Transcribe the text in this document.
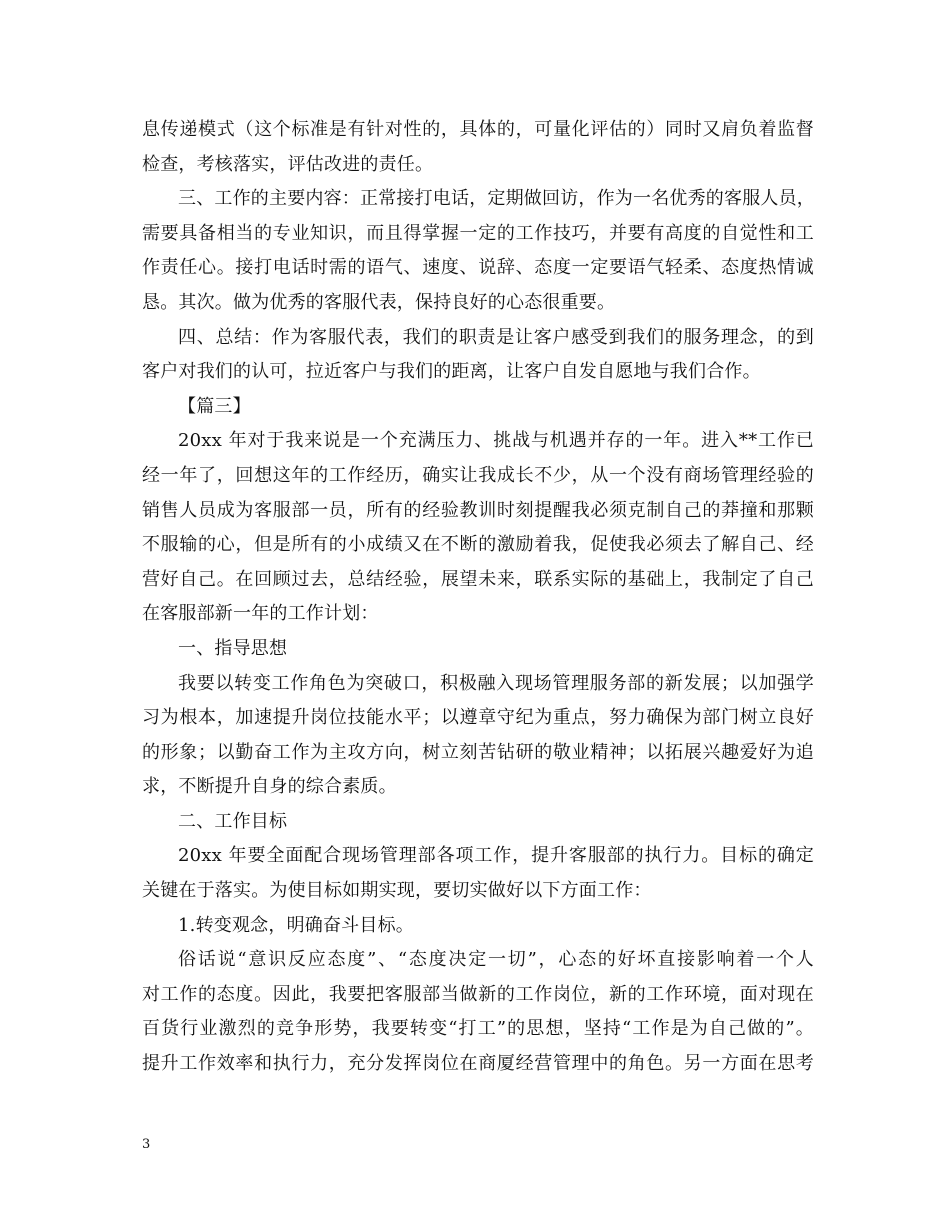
息传递模式（这个标准是有针对性的，具体的，可量化评估的）同时又肩负着监督
检查，考核落实，评估改进的责任。
三、工作的主要内容：正常接打电话，定期做回访，作为一名优秀的客服人员，
需要具备相当的专业知识，而且得掌握一定的工作技巧，并要有高度的自觉性和工
作责任心。接打电话时需的语气、速度、说辞、态度一定要语气轻柔、态度热情诚
恳。其次。做为优秀的客服代表，保持良好的心态很重要。
四、总结：作为客服代表，我们的职责是让客户感受到我们的服务理念，的到
客户对我们的认可，拉近客户与我们的距离，让客户自发自愿地与我们合作。
【篇三】
20xx 年对于我来说是一个充满压力、挑战与机遇并存的一年。进入**工作已
经一年了，回想这年的工作经历，确实让我成长不少，从一个没有商场管理经验的
销售人员成为客服部一员，所有的经验教训时刻提醒我必须克制自己的莽撞和那颗
不服输的心，但是所有的小成绩又在不断的激励着我，促使我必须去了解自己、经
营好自己。在回顾过去，总结经验，展望未来，联系实际的基础上，我制定了自己
在客服部新一年的工作计划：
一、指导思想
我要以转变工作角色为突破口，积极融入现场管理服务部的新发展；以加强学
习为根本，加速提升岗位技能水平；以遵章守纪为重点，努力确保为部门树立良好
的形象；以勤奋工作为主攻方向，树立刻苦钻研的敬业精神；以拓展兴趣爱好为追
求，不断提升自身的综合素质。
二、工作目标
20xx 年要全面配合现场管理部各项工作，提升客服部的执行力。目标的确定
关键在于落实。为使目标如期实现，要切实做好以下方面工作：
1.转变观念，明确奋斗目标。
俗话说“意识反应态度”、“态度决定一切”，心态的好坏直接影响着一个人
对工作的态度。因此，我要把客服部当做新的工作岗位，新的工作环境，面对现在
百货行业激烈的竞争形势，我要转变“打工”的思想，坚持“工作是为自己做的”。
提升工作效率和执行力，充分发挥岗位在商厦经营管理中的角色。另一方面在思考
3
